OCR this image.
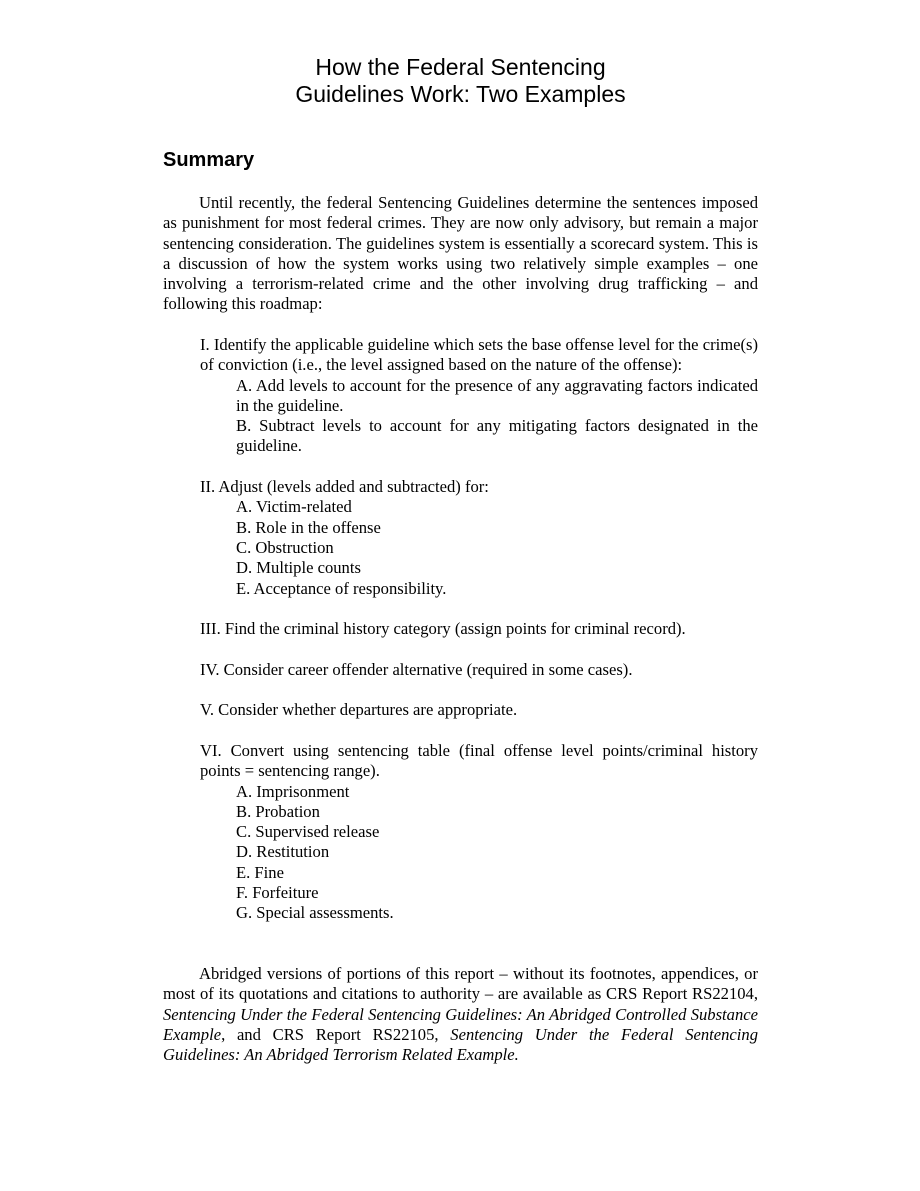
How the Federal Sentencing
Guidelines Work: Two Examples
Summary

Until recently, the federal Sentencing Guidelines determine the sentences imposed as punishment for most federal crimes. They are now only advisory, but remain a major sentencing consideration. The guidelines system is essentially a scorecard system. This is a discussion of how the system works using two relatively simple examples – one involving a terrorism-related crime and the other involving drug trafficking – and following this roadmap:

I. Identify the applicable guideline which sets the base offense level for the crime(s) of conviction (i.e., the level assigned based on the nature of the offense):
A. Add levels to account for the presence of any aggravating factors indicated in the guideline.
B. Subtract levels to account for any mitigating factors designated in the guideline.
II. Adjust (levels added and subtracted) for:
A. Victim-related
B. Role in the offense
C. Obstruction
D. Multiple counts
E. Acceptance of responsibility.
III. Find the criminal history category (assign points for criminal record).
IV. Consider career offender alternative (required in some cases).
V. Consider whether departures are appropriate.
VI. Convert using sentencing table (final offense level points/criminal history points = sentencing range).
A. Imprisonment
B. Probation
C. Supervised release
D. Restitution
E. Fine
F. Forfeiture
G. Special assessments.

Abridged versions of portions of this report – without its footnotes, appendices, or most of its quotations and citations to authority – are available as CRS Report RS22104, Sentencing Under the Federal Sentencing Guidelines: An Abridged Controlled Substance Example, and CRS Report RS22105, Sentencing Under the Federal Sentencing Guidelines: An Abridged Terrorism Related Example.
